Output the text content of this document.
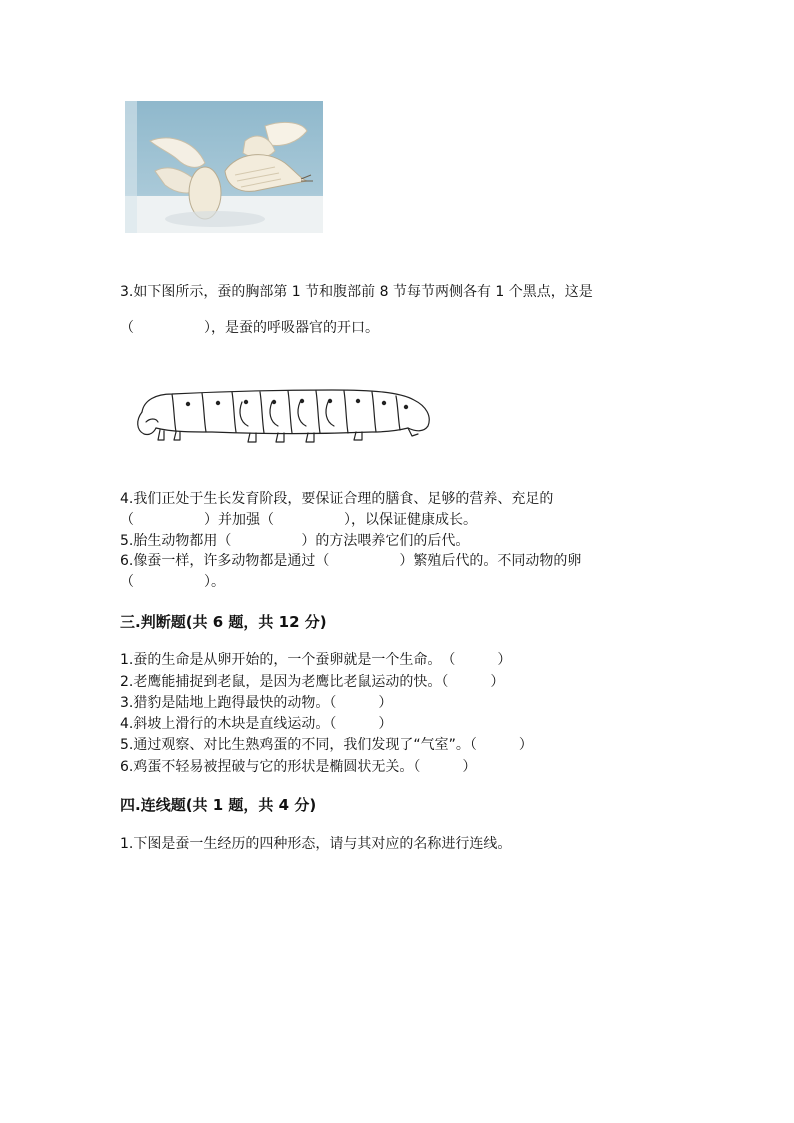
3.如下图所示，蚕的胸部第 1 节和腹部前 8 节每节两侧各有 1 个黑点，这是
（　　　　　），是蚕的呼吸器官的开口。
4.我们正处于生长发育阶段，要保证合理的膳食、足够的营养、充足的
（　　　　　）并加强（　　　　　），以保证健康成长。
5.胎生动物都用（　　　　　）的方法喂养它们的后代。
6.像蚕一样，许多动物都是通过（　　　　　）繁殖后代的。不同动物的卵
（　　　　　）。
三.判断题(共 6 题，共 12 分)
1.蚕的生命是从卵开始的，一个蚕卵就是一个生命。　（　　　）
2.老鹰能捕捉到老鼠，是因为老鹰比老鼠运动的快。（　　　）
3.猎豹是陆地上跑得最快的动物。（　　　）
4.斜坡上滑行的木块是直线运动。（　　　）
5.通过观察、对比生熟鸡蛋的不同，我们发现了“气室”。（　　　）
6.鸡蛋不轻易被捏破与它的形状是椭圆状无关。（　　　）
四.连线题(共 1 题，共 4 分)
1.下图是蚕一生经历的四种形态，请与其对应的名称进行连线。
